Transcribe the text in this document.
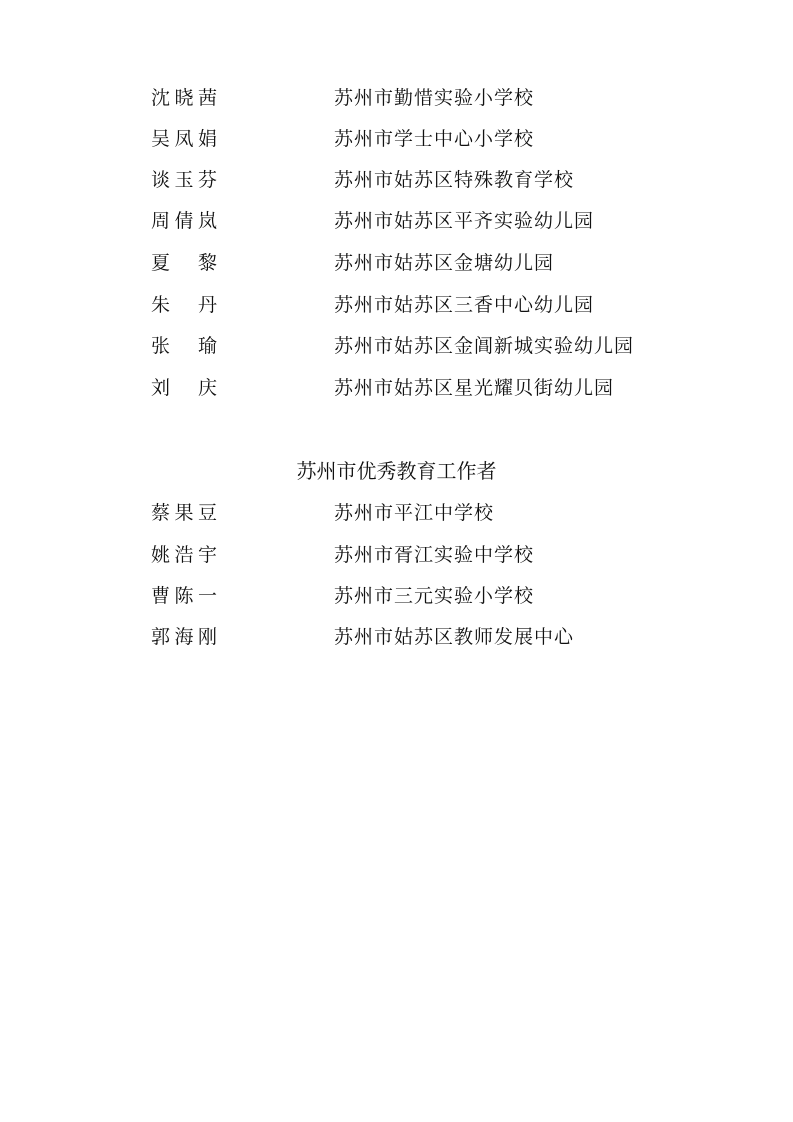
沈晓茜	苏州市勤惜实验小学校
吴凤娟	苏州市学士中心小学校
谈玉芬	苏州市姑苏区特殊教育学校
周倩岚	苏州市姑苏区平齐实验幼儿园
夏 黎	苏州市姑苏区金塘幼儿园
朱 丹	苏州市姑苏区三香中心幼儿园
张 瑜	苏州市姑苏区金阊新城实验幼儿园
刘 庆	苏州市姑苏区星光耀贝街幼儿园
苏州市优秀教育工作者
蔡果豆	苏州市平江中学校
姚浩宇	苏州市胥江实验中学校
曹陈一	苏州市三元实验小学校
郭海刚	苏州市姑苏区教师发展中心
